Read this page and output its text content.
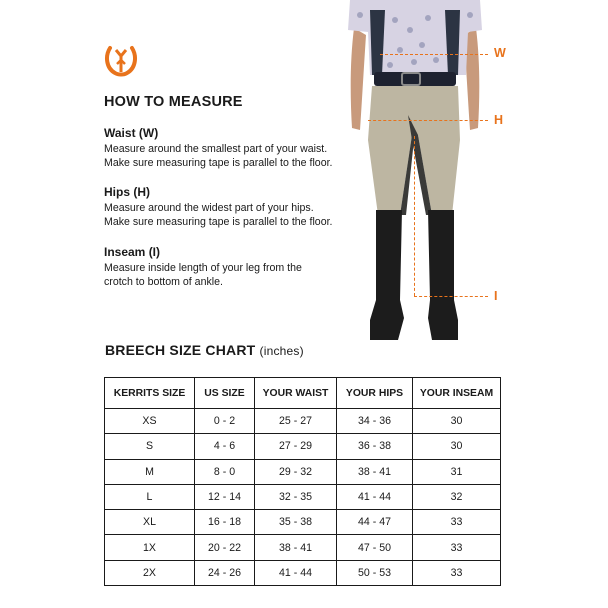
HOW TO MEASURE
Waist (W)
Measure around the smallest part of your waist.
Make sure measuring tape is parallel to the floor.
Hips (H)
Measure around the widest part of your hips.
Make sure measuring tape is parallel to the floor.
Inseam (I)
Measure inside length of your leg from the
crotch to bottom of ankle.
W
H
I
BREECH SIZE CHART (inches)
KERRITS SIZE	US SIZE	YOUR WAIST	YOUR HIPS	YOUR INSEAM
XS	0 - 2	25 - 27	34 - 36	30
S	4 - 6	27 - 29	36 - 38	30
M	8 - 0	29 - 32	38 - 41	31
L	12 - 14	32 - 35	41 - 44	32
XL	16 - 18	35 - 38	44 - 47	33
1X	20 - 22	38 - 41	47 - 50	33
2X	24 - 26	41 - 44	50 - 53	33
